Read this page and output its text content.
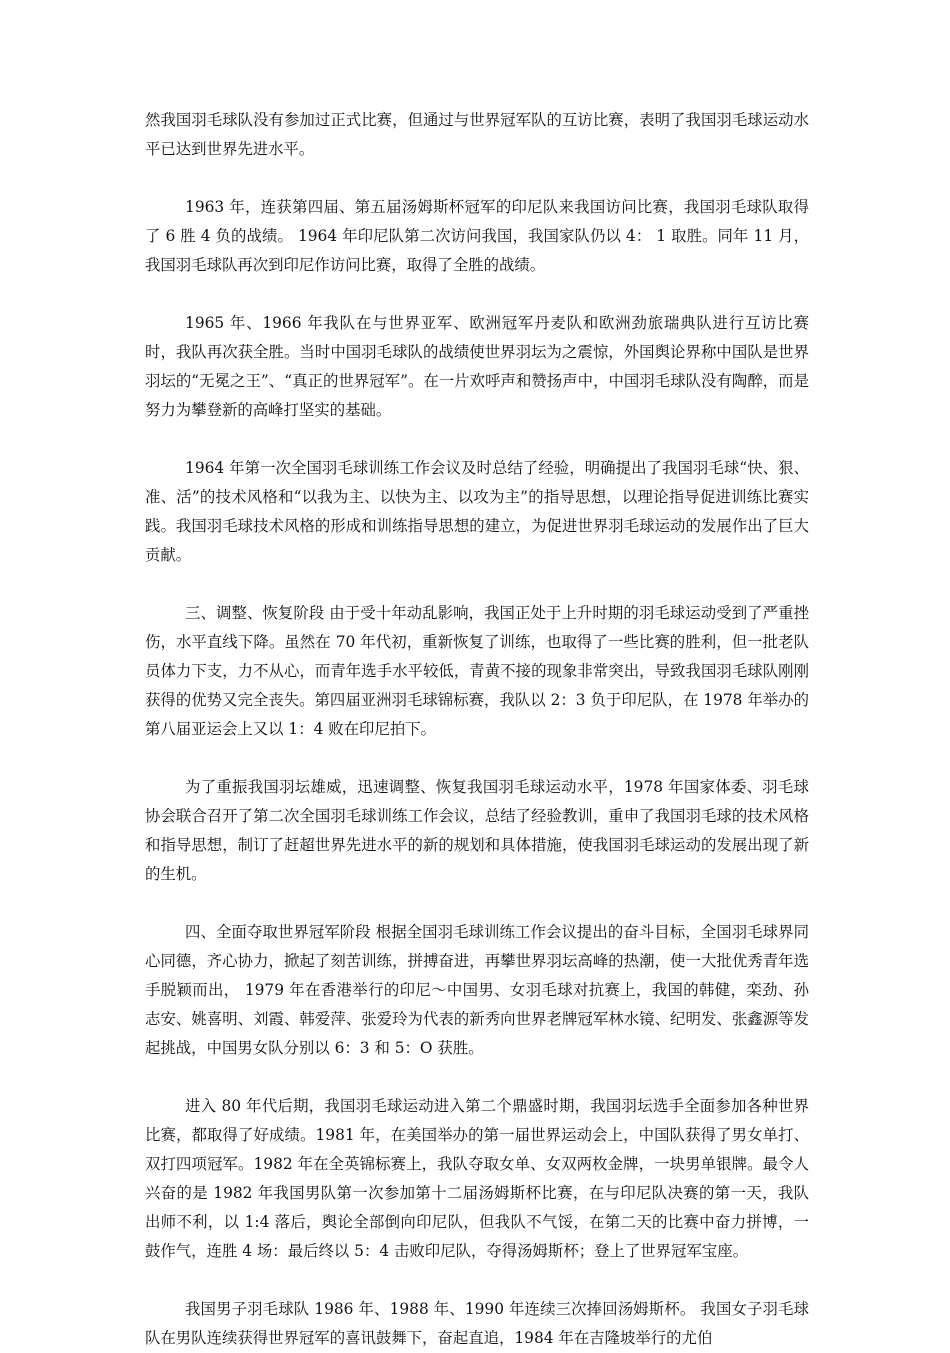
然我国羽毛球队没有参加过正式比赛，但通过与世界冠军队的互访比赛，表明了我国羽毛球运动水平已达到世界先进水平。

1963 年，连获第四届、第五届汤姆斯杯冠军的印尼队来我国访问比赛，我国羽毛球队取得了 6 胜 4 负的战绩。 1964 年印尼队第二次访问我国，我国家队仍以 4： 1 取胜。同年 11 月，我国羽毛球队再次到印尼作访问比赛，取得了全胜的战绩。

1965 年、1966 年我队在与世界亚军、欧洲冠军丹麦队和欧洲劲旅瑞典队进行互访比赛时，我队再次获全胜。当时中国羽毛球队的战绩使世界羽坛为之震惊，外国舆论界称中国队是世界羽坛的“无冕之王”、“真正的世界冠军”。在一片欢呼声和赞扬声中，中国羽毛球队没有陶醉，而是努力为攀登新的高峰打坚实的基础。

1964 年第一次全国羽毛球训练工作会议及时总结了经验，明确提出了我国羽毛球“快、狠、准、活”的技术风格和“以我为主、以快为主、以攻为主”的指导思想，以理论指导促进训练比赛实践。我国羽毛球技术风格的形成和训练指导思想的建立，为促进世界羽毛球运动的发展作出了巨大贡献。

三、调整、恢复阶段 由于受十年动乱影响，我国正处于上升时期的羽毛球运动受到了严重挫伤，水平直线下降。虽然在 70 年代初，重新恢复了训练，也取得了一些比赛的胜利，但一批老队员体力下支，力不从心，而青年选手水平较低，青黄不接的现象非常突出，导致我国羽毛球队刚刚获得的优势又完全丧失。第四届亚洲羽毛球锦标赛，我队以 2：3 负于印尼队，在 1978 年举办的第八届亚运会上又以 1：4 败在印尼拍下。

为了重振我国羽坛雄威，迅速调整、恢复我国羽毛球运动水平，1978 年国家体委、羽毛球协会联合召开了第二次全国羽毛球训练工作会议，总结了经验教训，重申了我国羽毛球的技术风格和指导思想，制订了赶超世界先进水平的新的规划和具体措施，使我国羽毛球运动的发展出现了新的生机。

四、全面夺取世界冠军阶段 根据全国羽毛球训练工作会议提出的奋斗目标，全国羽毛球界同心同德，齐心协力，掀起了刻苦训练，拼搏奋进，再攀世界羽坛高峰的热潮，使一大批优秀青年选手脱颖而出， 1979 年在香港举行的印尼～中国男、女羽毛球对抗赛上，我国的韩健，栾劲、孙志安、姚喜明、刘霞、韩爱萍、张爱玲为代表的新秀向世界老牌冠军林水镜、纪明发、张鑫源等发起挑战，中国男女队分别以 6：3 和 5：O 获胜。

进入 80 年代后期，我国羽毛球运动进入第二个鼎盛时期，我国羽坛选手全面参加各种世界比赛，都取得了好成绩。1981 年，在美国举办的第一届世界运动会上，中国队获得了男女单打、双打四项冠军。1982 年在全英锦标赛上，我队夺取女单、女双两枚金牌，一块男单银牌。最令人兴奋的是 1982 年我国男队第一次参加第十二届汤姆斯杯比赛，在与印尼队决赛的第一天，我队出师不利，以 1:4 落后，舆论全部倒向印尼队，但我队不气馁，在第二天的比赛中奋力拼博，一鼓作气，连胜 4 场：最后终以 5：4 击败印尼队，夺得汤姆斯杯；登上了世界冠军宝座。

我国男子羽毛球队 1986 年、1988 年、1990 年连续三次捧回汤姆斯杯。 我国女子羽毛球队在男队连续获得世界冠军的喜讯鼓舞下，奋起直追，1984 年在吉隆坡举行的尤伯
